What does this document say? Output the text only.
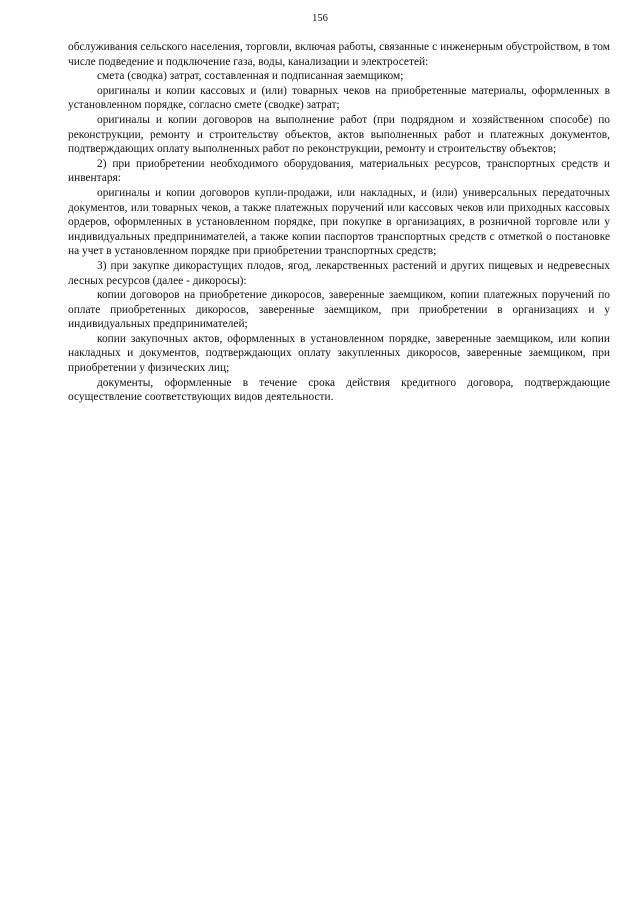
156

обслуживания сельского населения, торговли, включая работы, связанные с инженерным обустройством, в том числе подведение и подключение газа, воды, канализации и электросетей:

смета (сводка) затрат, составленная и подписанная заемщиком;

оригиналы и копии кассовых и (или) товарных чеков на приобретенные материалы, оформленных в установленном порядке, согласно смете (сводке) затрат;

оригиналы и копии договоров на выполнение работ (при подрядном и хозяйственном способе) по реконструкции, ремонту и строительству объектов, актов выполненных работ и платежных документов, подтверждающих оплату выполненных работ по реконструкции, ремонту и строительству объектов;

2) при приобретении необходимого оборудования, материальных ресурсов, транспортных средств и инвентаря:

оригиналы и копии договоров купли-продажи, или накладных, и (или) универсальных передаточных документов, или товарных чеков, а также платежных поручений или кассовых чеков или приходных кассовых ордеров, оформленных в установленном порядке, при покупке в организациях, в розничной торговле или у индивидуальных предпринимателей, а также копии паспортов транспортных средств с отметкой о постановке на учет в установленном порядке при приобретении транспортных средств;

3) при закупке дикорастущих плодов, ягод, лекарственных растений и других пищевых и недревесных лесных ресурсов (далее - дикоросы):

копии договоров на приобретение дикоросов, заверенные заемщиком, копии платежных поручений по оплате приобретенных дикоросов, заверенные заемщиком, при приобретении в организациях и у индивидуальных предпринимателей;

копии закупочных актов, оформленных в установленном порядке, заверенные заемщиком, или копии накладных и документов, подтверждающих оплату закупленных дикоросов, заверенные заемщиком, при приобретении у физических лиц;

документы, оформленные в течение срока действия кредитного договора, подтверждающие осуществление соответствующих видов деятельности.
